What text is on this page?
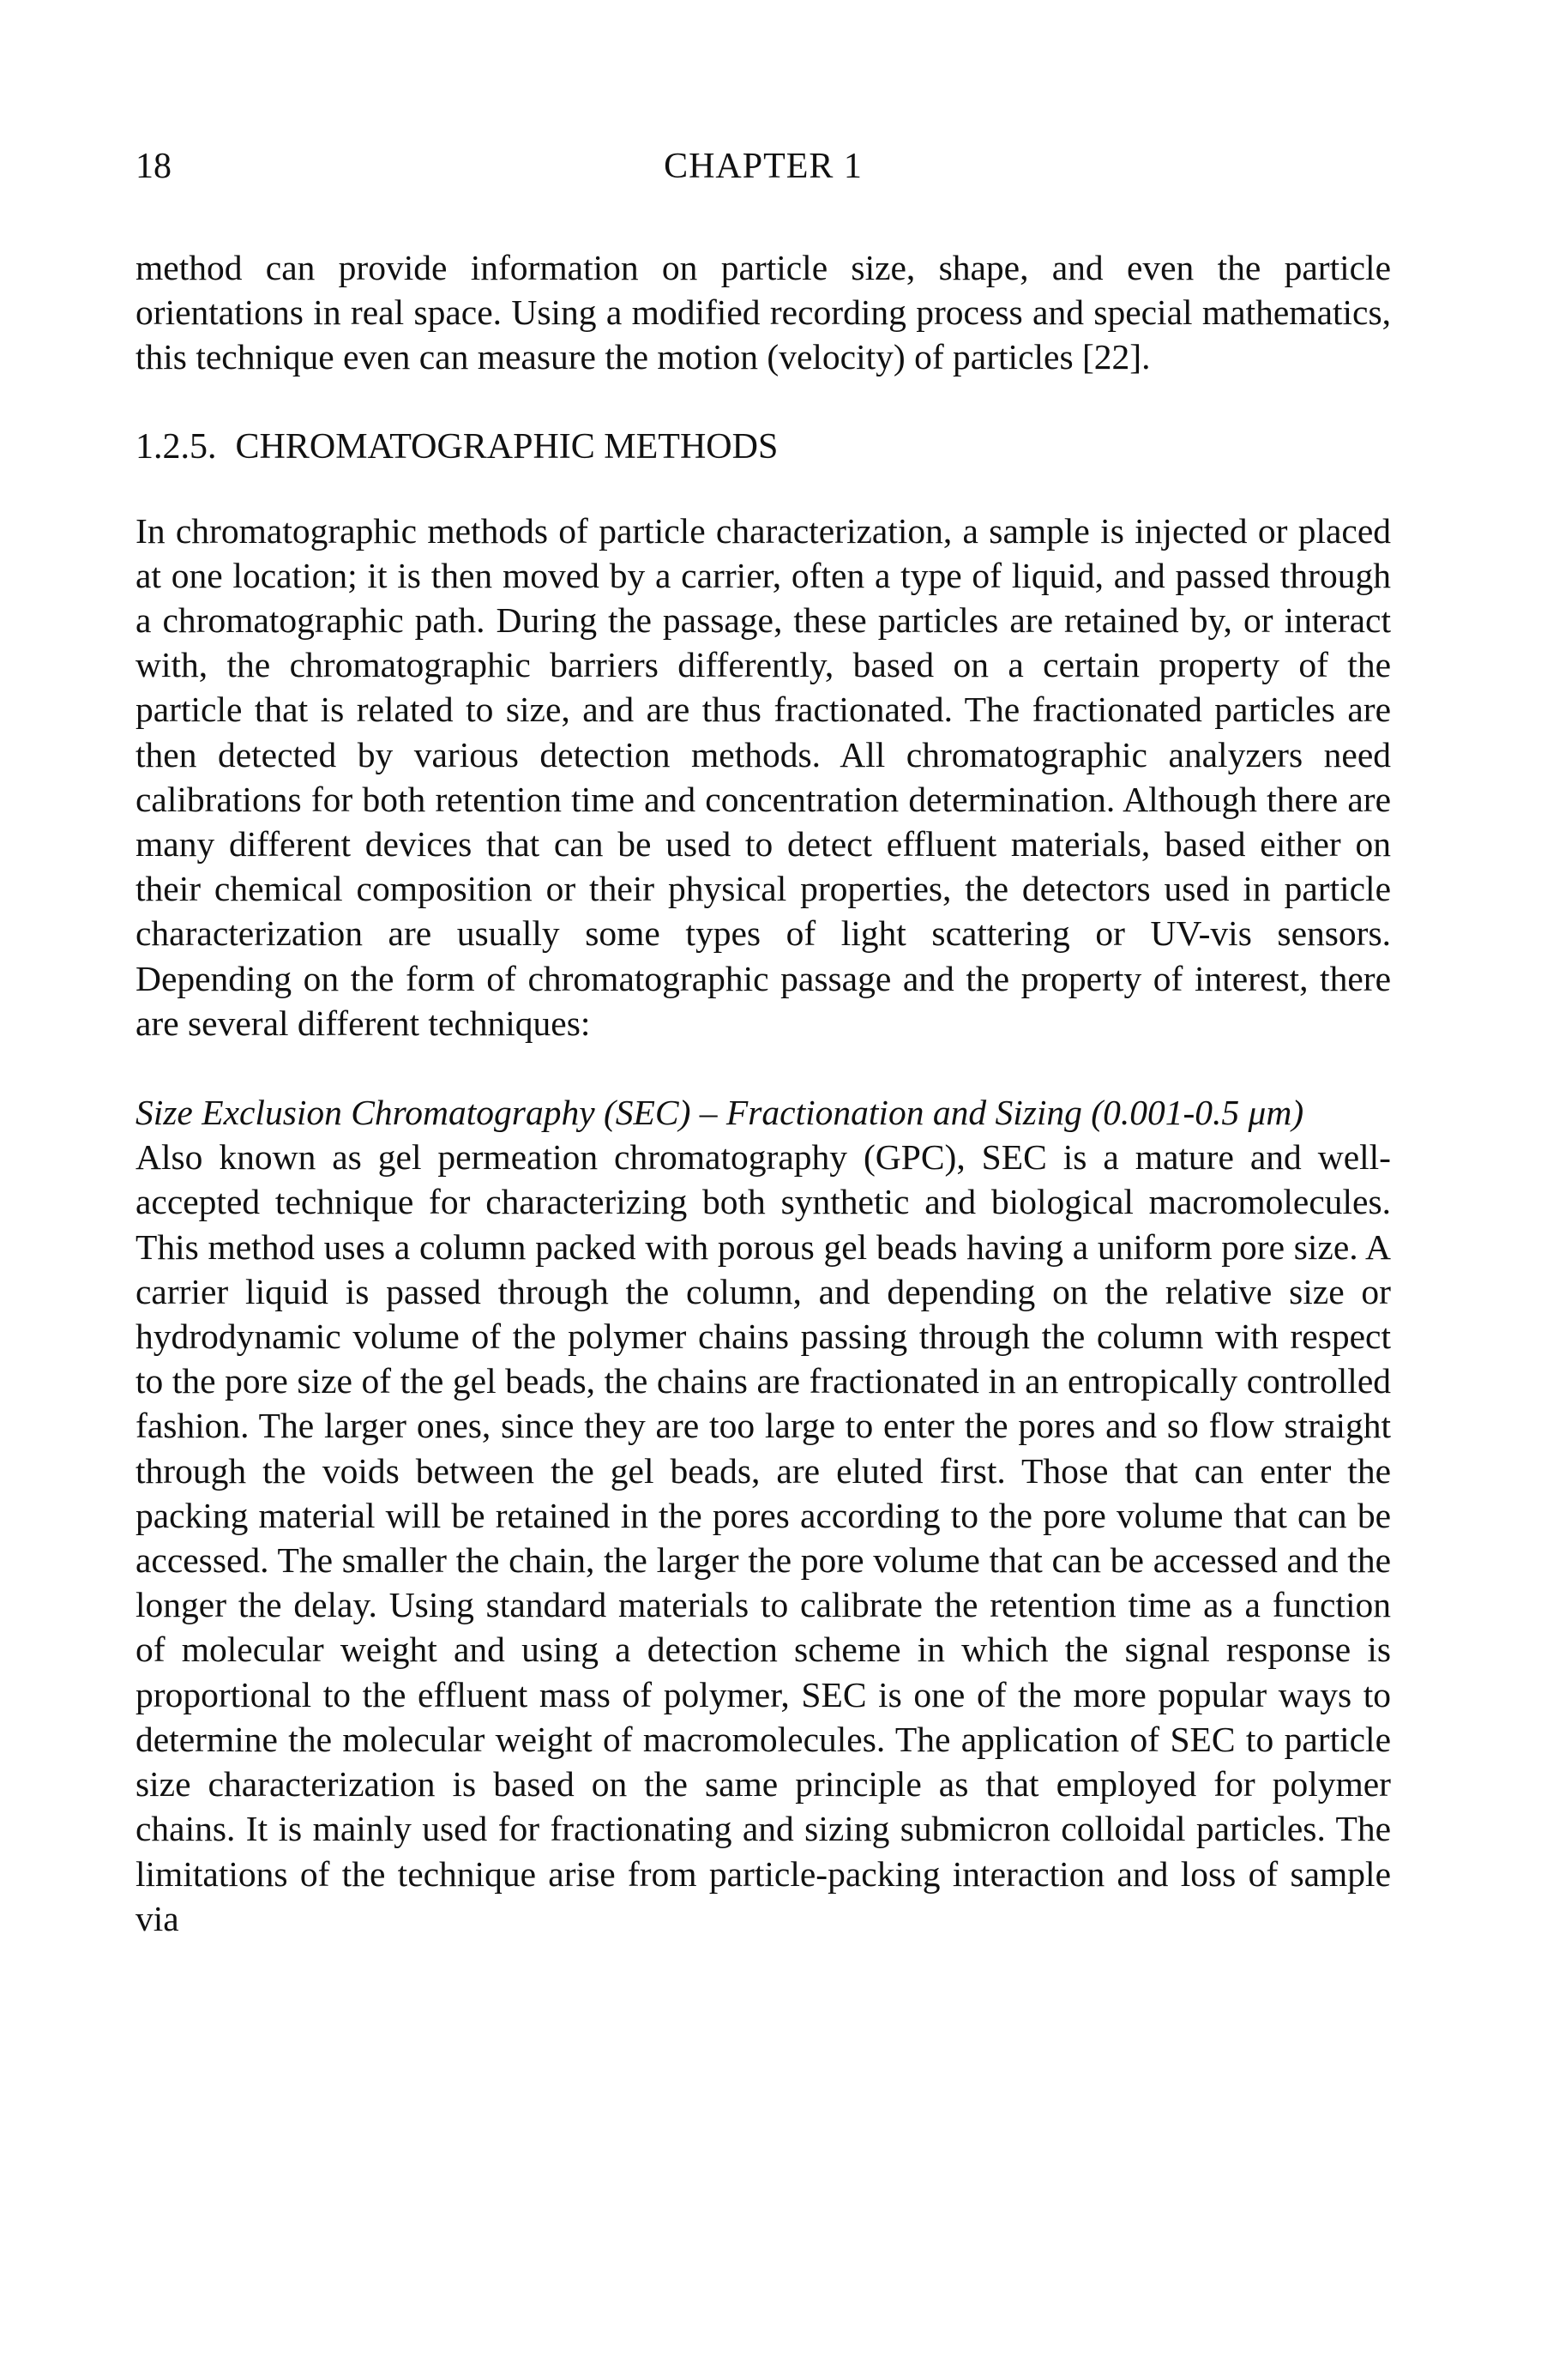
18	CHAPTER 1

method can provide information on particle size, shape, and even the particle orientations in real space. Using a modified recording process and special mathematics, this technique even can measure the motion (velocity) of particles [22].

1.2.5. CHROMATOGRAPHIC METHODS

In chromatographic methods of particle characterization, a sample is injected or placed at one location; it is then moved by a carrier, often a type of liquid, and passed through a chromatographic path. During the passage, these particles are retained by, or interact with, the chromatographic barriers differently, based on a certain property of the particle that is related to size, and are thus fractionated. The fractionated particles are then detected by various detection methods. All chromatographic analyzers need calibrations for both retention time and concentration determination. Although there are many different devices that can be used to detect effluent materials, based either on their chemical composition or their physical properties, the detectors used in particle characterization are usually some types of light scattering or UV-vis sensors. Depending on the form of chromatographic passage and the property of interest, there are several different techniques:

Size Exclusion Chromatography (SEC) – Fractionation and Sizing (0.001-0.5 μm)

Also known as gel permeation chromatography (GPC), SEC is a mature and well-accepted technique for characterizing both synthetic and biological macromolecules. This method uses a column packed with porous gel beads having a uniform pore size. A carrier liquid is passed through the column, and depending on the relative size or hydrodynamic volume of the polymer chains passing through the column with respect to the pore size of the gel beads, the chains are fractionated in an entropically controlled fashion. The larger ones, since they are too large to enter the pores and so flow straight through the voids between the gel beads, are eluted first. Those that can enter the packing material will be retained in the pores according to the pore volume that can be accessed. The smaller the chain, the larger the pore volume that can be accessed and the longer the delay. Using standard materials to calibrate the retention time as a function of molecular weight and using a detection scheme in which the signal response is proportional to the effluent mass of polymer, SEC is one of the more popular ways to determine the molecular weight of macromolecules. The application of SEC to particle size characterization is based on the same principle as that employed for polymer chains. It is mainly used for fractionating and sizing submicron colloidal particles. The limitations of the technique arise from particle-packing interaction and loss of sample via
